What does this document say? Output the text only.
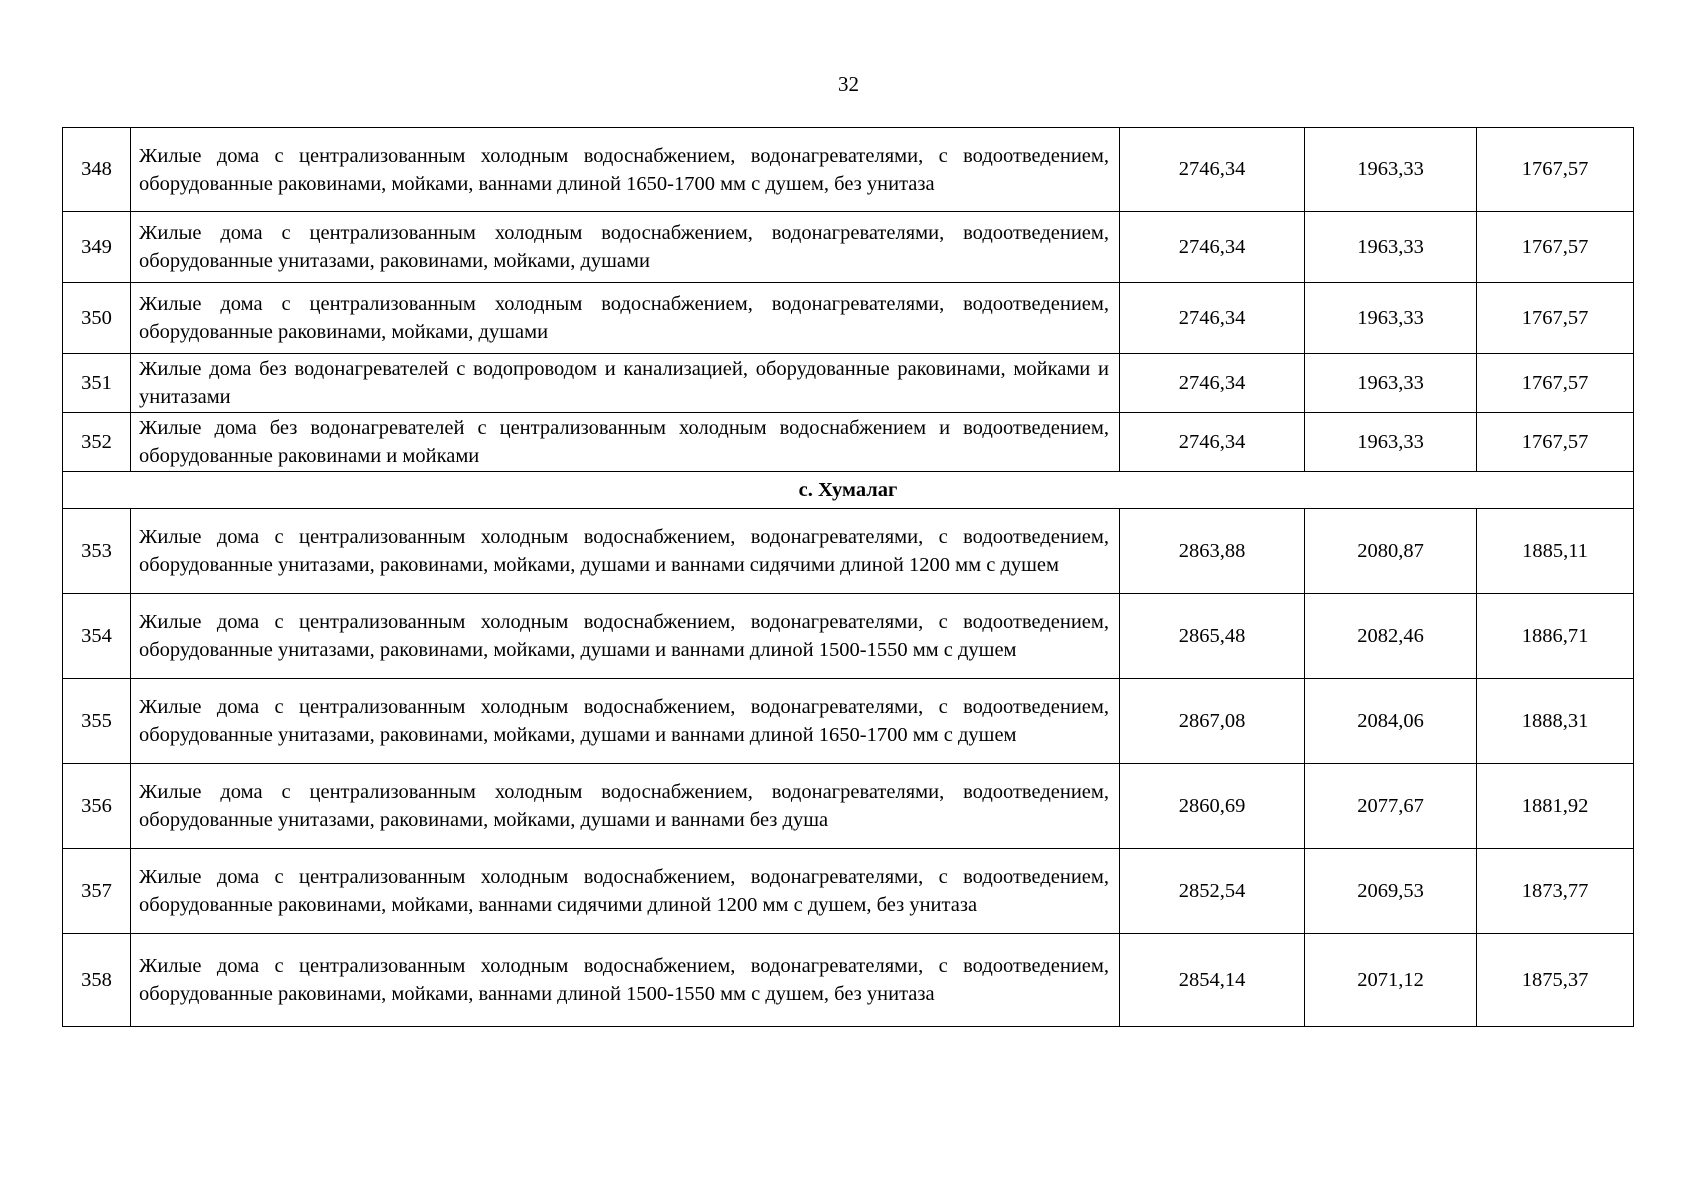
32
348	Жилые дома с централизованным холодным водоснабжением, водонагревателями, с водоотведением, оборудованные раковинами, мойками, ваннами длиной 1650-1700 мм с душем, без унитаза	2746,34	1963,33	1767,57
349	Жилые дома с централизованным холодным водоснабжением, водонагревателями, водоотведением, оборудованные унитазами, раковинами, мойками, душами	2746,34	1963,33	1767,57
350	Жилые дома с централизованным холодным водоснабжением, водонагревателями, водоотведением, оборудованные раковинами, мойками, душами	2746,34	1963,33	1767,57
351	Жилые дома без водонагревателей с водопроводом и канализацией, оборудованные раковинами, мойками и унитазами	2746,34	1963,33	1767,57
352	Жилые дома без водонагревателей с централизованным холодным водоснабжением и водоотведением, оборудованные раковинами и мойками	2746,34	1963,33	1767,57
с. Хумалаг				
353	Жилые дома с централизованным холодным водоснабжением, водонагревателями, с водоотведением, оборудованные унитазами, раковинами, мойками, душами и ваннами сидячими длиной 1200 мм с душем	2863,88	2080,87	1885,11
354	Жилые дома с централизованным холодным водоснабжением, водонагревателями, с водоотведением, оборудованные унитазами, раковинами, мойками, душами и ваннами длиной 1500-1550 мм с душем	2865,48	2082,46	1886,71
355	Жилые дома с централизованным холодным водоснабжением, водонагревателями, с водоотведением, оборудованные унитазами, раковинами, мойками, душами и ваннами длиной 1650-1700 мм с душем	2867,08	2084,06	1888,31
356	Жилые дома с централизованным холодным водоснабжением, водонагревателями, водоотведением, оборудованные унитазами, раковинами, мойками, душами и ваннами без душа	2860,69	2077,67	1881,92
357	Жилые дома с централизованным холодным водоснабжением, водонагревателями, с водоотведением, оборудованные раковинами, мойками, ваннами сидячими длиной 1200 мм с душем, без унитаза	2852,54	2069,53	1873,77
358	Жилые дома с централизованным холодным водоснабжением, водонагревателями, с водоотведением, оборудованные раковинами, мойками, ваннами длиной 1500-1550 мм с душем, без унитаза	2854,14	2071,12	1875,37
